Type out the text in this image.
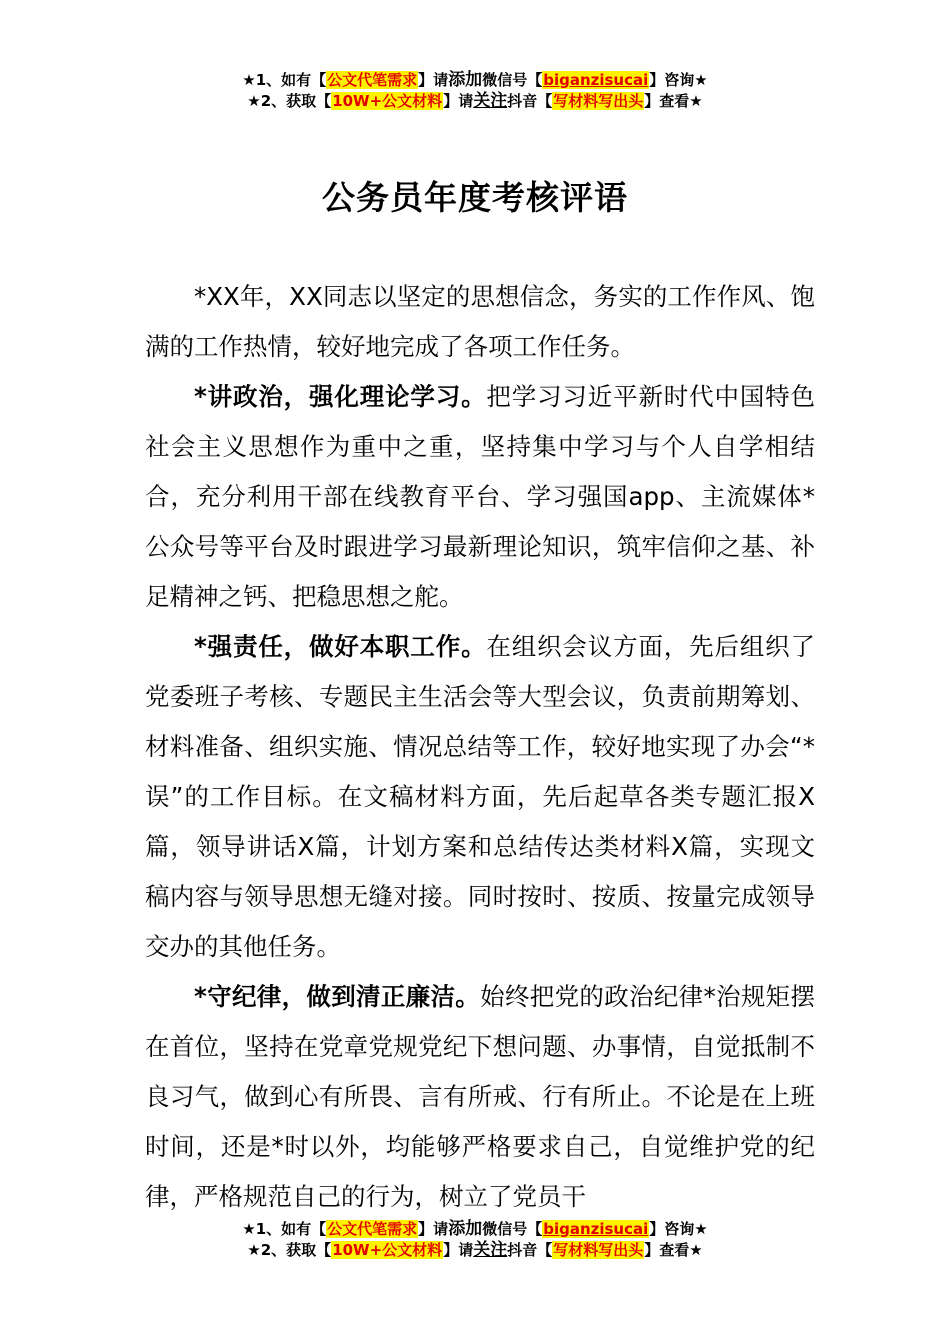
★1、如有【公文代笔需求】请添加微信号【biganzisucai】咨询★
★2、获取【10W+公文材料】请关注抖音【写材料写出头】查看★
公务员年度考核评语

*XX年，XX同志以坚定的思想信念，务实的工作作风、饱满的工作热情，较好地完成了各项工作任务。

*讲政治，强化理论学习。把学习习近平新时代中国特色社会主义思想作为重中之重，坚持集中学习与个人自学相结合，充分利用干部在线教育平台、学习强国app、主流媒体*公众号等平台及时跟进学习最新理论知识，筑牢信仰之基、补足精神之钙、把稳思想之舵。

*强责任，做好本职工作。在组织会议方面，先后组织了党委班子考核、专题民主生活会等大型会议，负责前期筹划、材料准备、组织实施、情况总结等工作，较好地实现了办会“*误”的工作目标。在文稿材料方面，先后起草各类专题汇报X篇，领导讲话X篇，计划方案和总结传达类材料X篇，实现文稿内容与领导思想无缝对接。同时按时、按质、按量完成领导交办的其他任务。

*守纪律，做到清正廉洁。始终把党的政治纪律*治规矩摆在首位，坚持在党章党规党纪下想问题、办事情，自觉抵制不良习气，做到心有所畏、言有所戒、行有所止。不论是在上班时间，还是*时以外，均能够严格要求自己，自觉维护党的纪律，严格规范自己的行为，树立了党员干

★1、如有【公文代笔需求】请添加微信号【biganzisucai】咨询★
★2、获取【10W+公文材料】请关注抖音【写材料写出头】查看★
